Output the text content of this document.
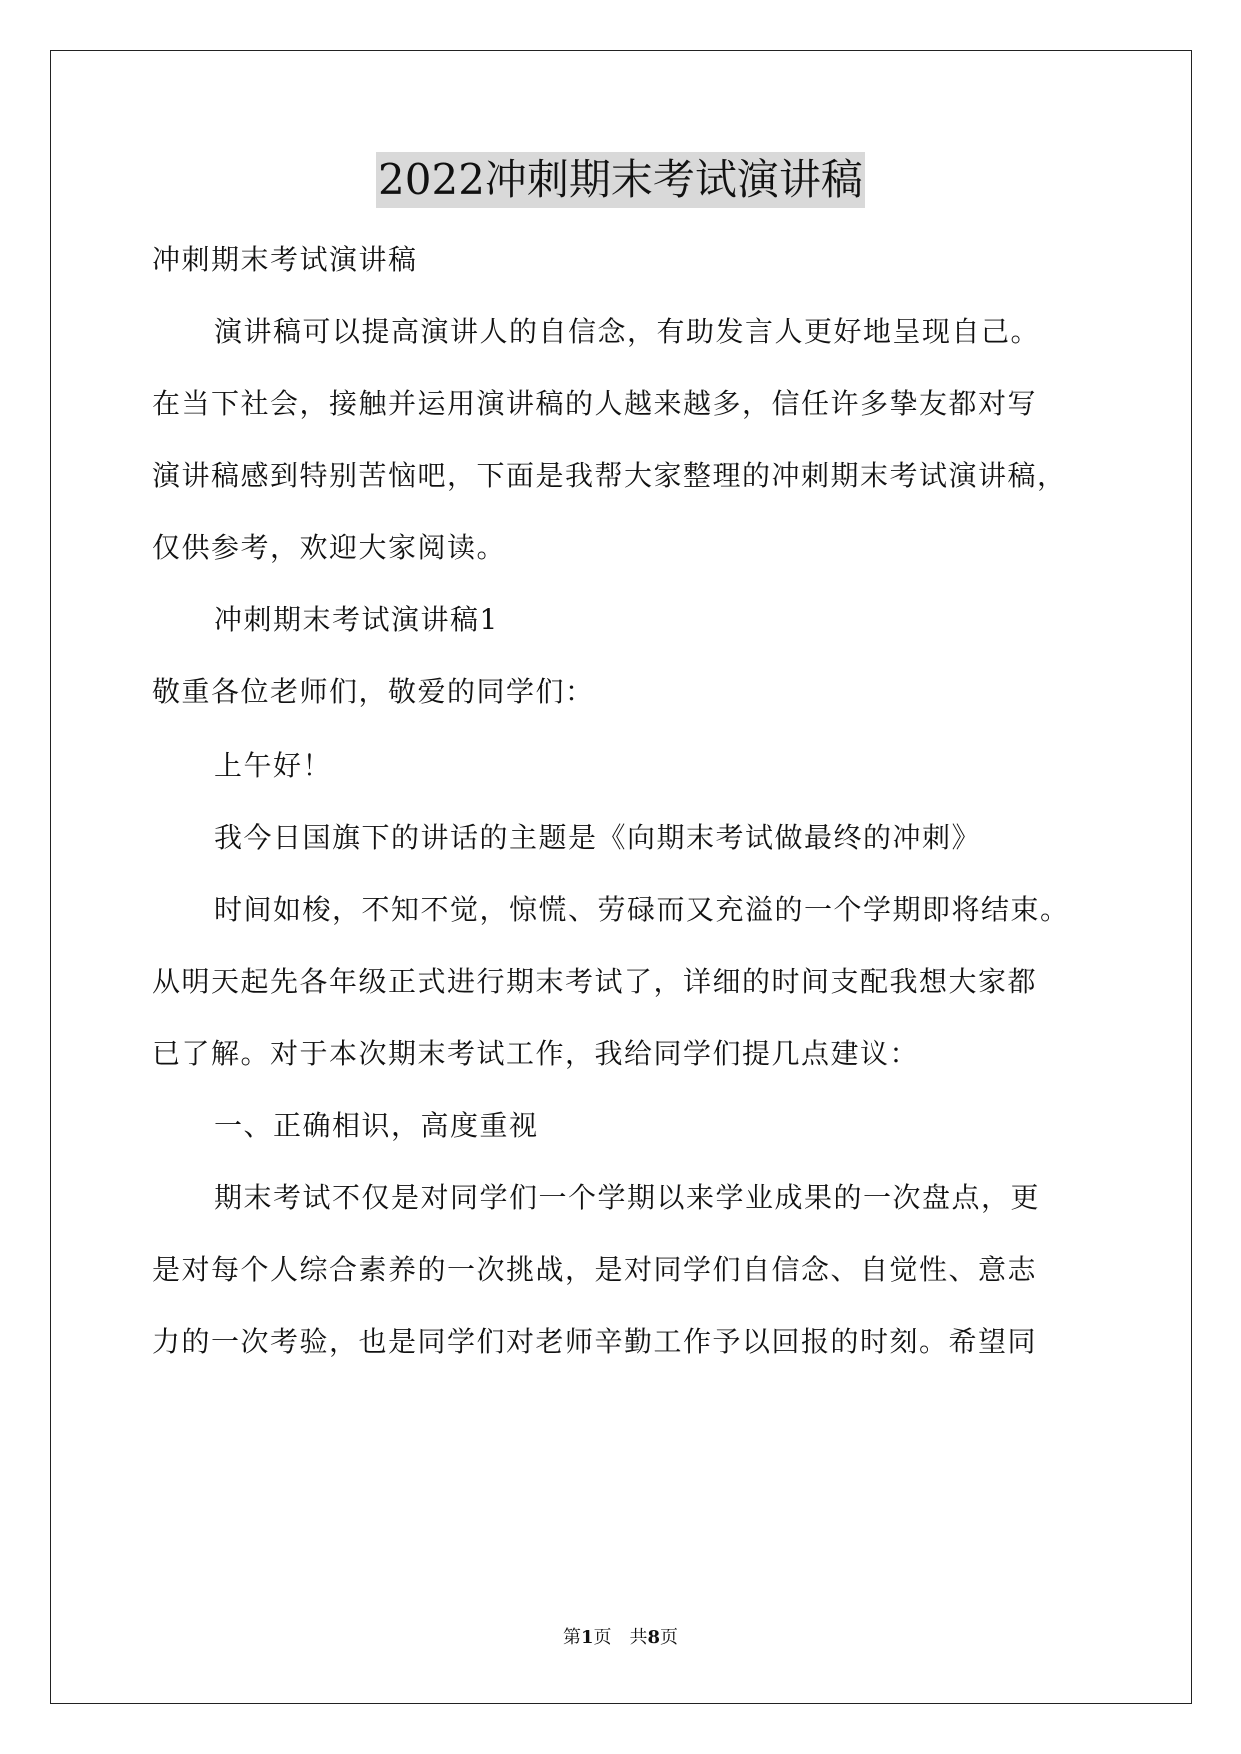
2022冲刺期末考试演讲稿
冲刺期末考试演讲稿
演讲稿可以提高演讲人的自信念，有助发言人更好地呈现自己。
在当下社会，接触并运用演讲稿的人越来越多，信任许多挚友都对写
演讲稿感到特别苦恼吧，下面是我帮大家整理的冲刺期末考试演讲稿，
仅供参考，欢迎大家阅读。
冲刺期末考试演讲稿1
敬重各位老师们，敬爱的同学们：
上午好！
我今日国旗下的讲话的主题是《向期末考试做最终的冲刺》
时间如梭，不知不觉，惊慌、劳碌而又充溢的一个学期即将结束。
从明天起先各年级正式进行期末考试了，详细的时间支配我想大家都
已了解。对于本次期末考试工作，我给同学们提几点建议：
一、正确相识，高度重视
期末考试不仅是对同学们一个学期以来学业成果的一次盘点，更
是对每个人综合素养的一次挑战，是对同学们自信念、自觉性、意志
力的一次考验，也是同学们对老师辛勤工作予以回报的时刻。希望同
第1页　共8页
